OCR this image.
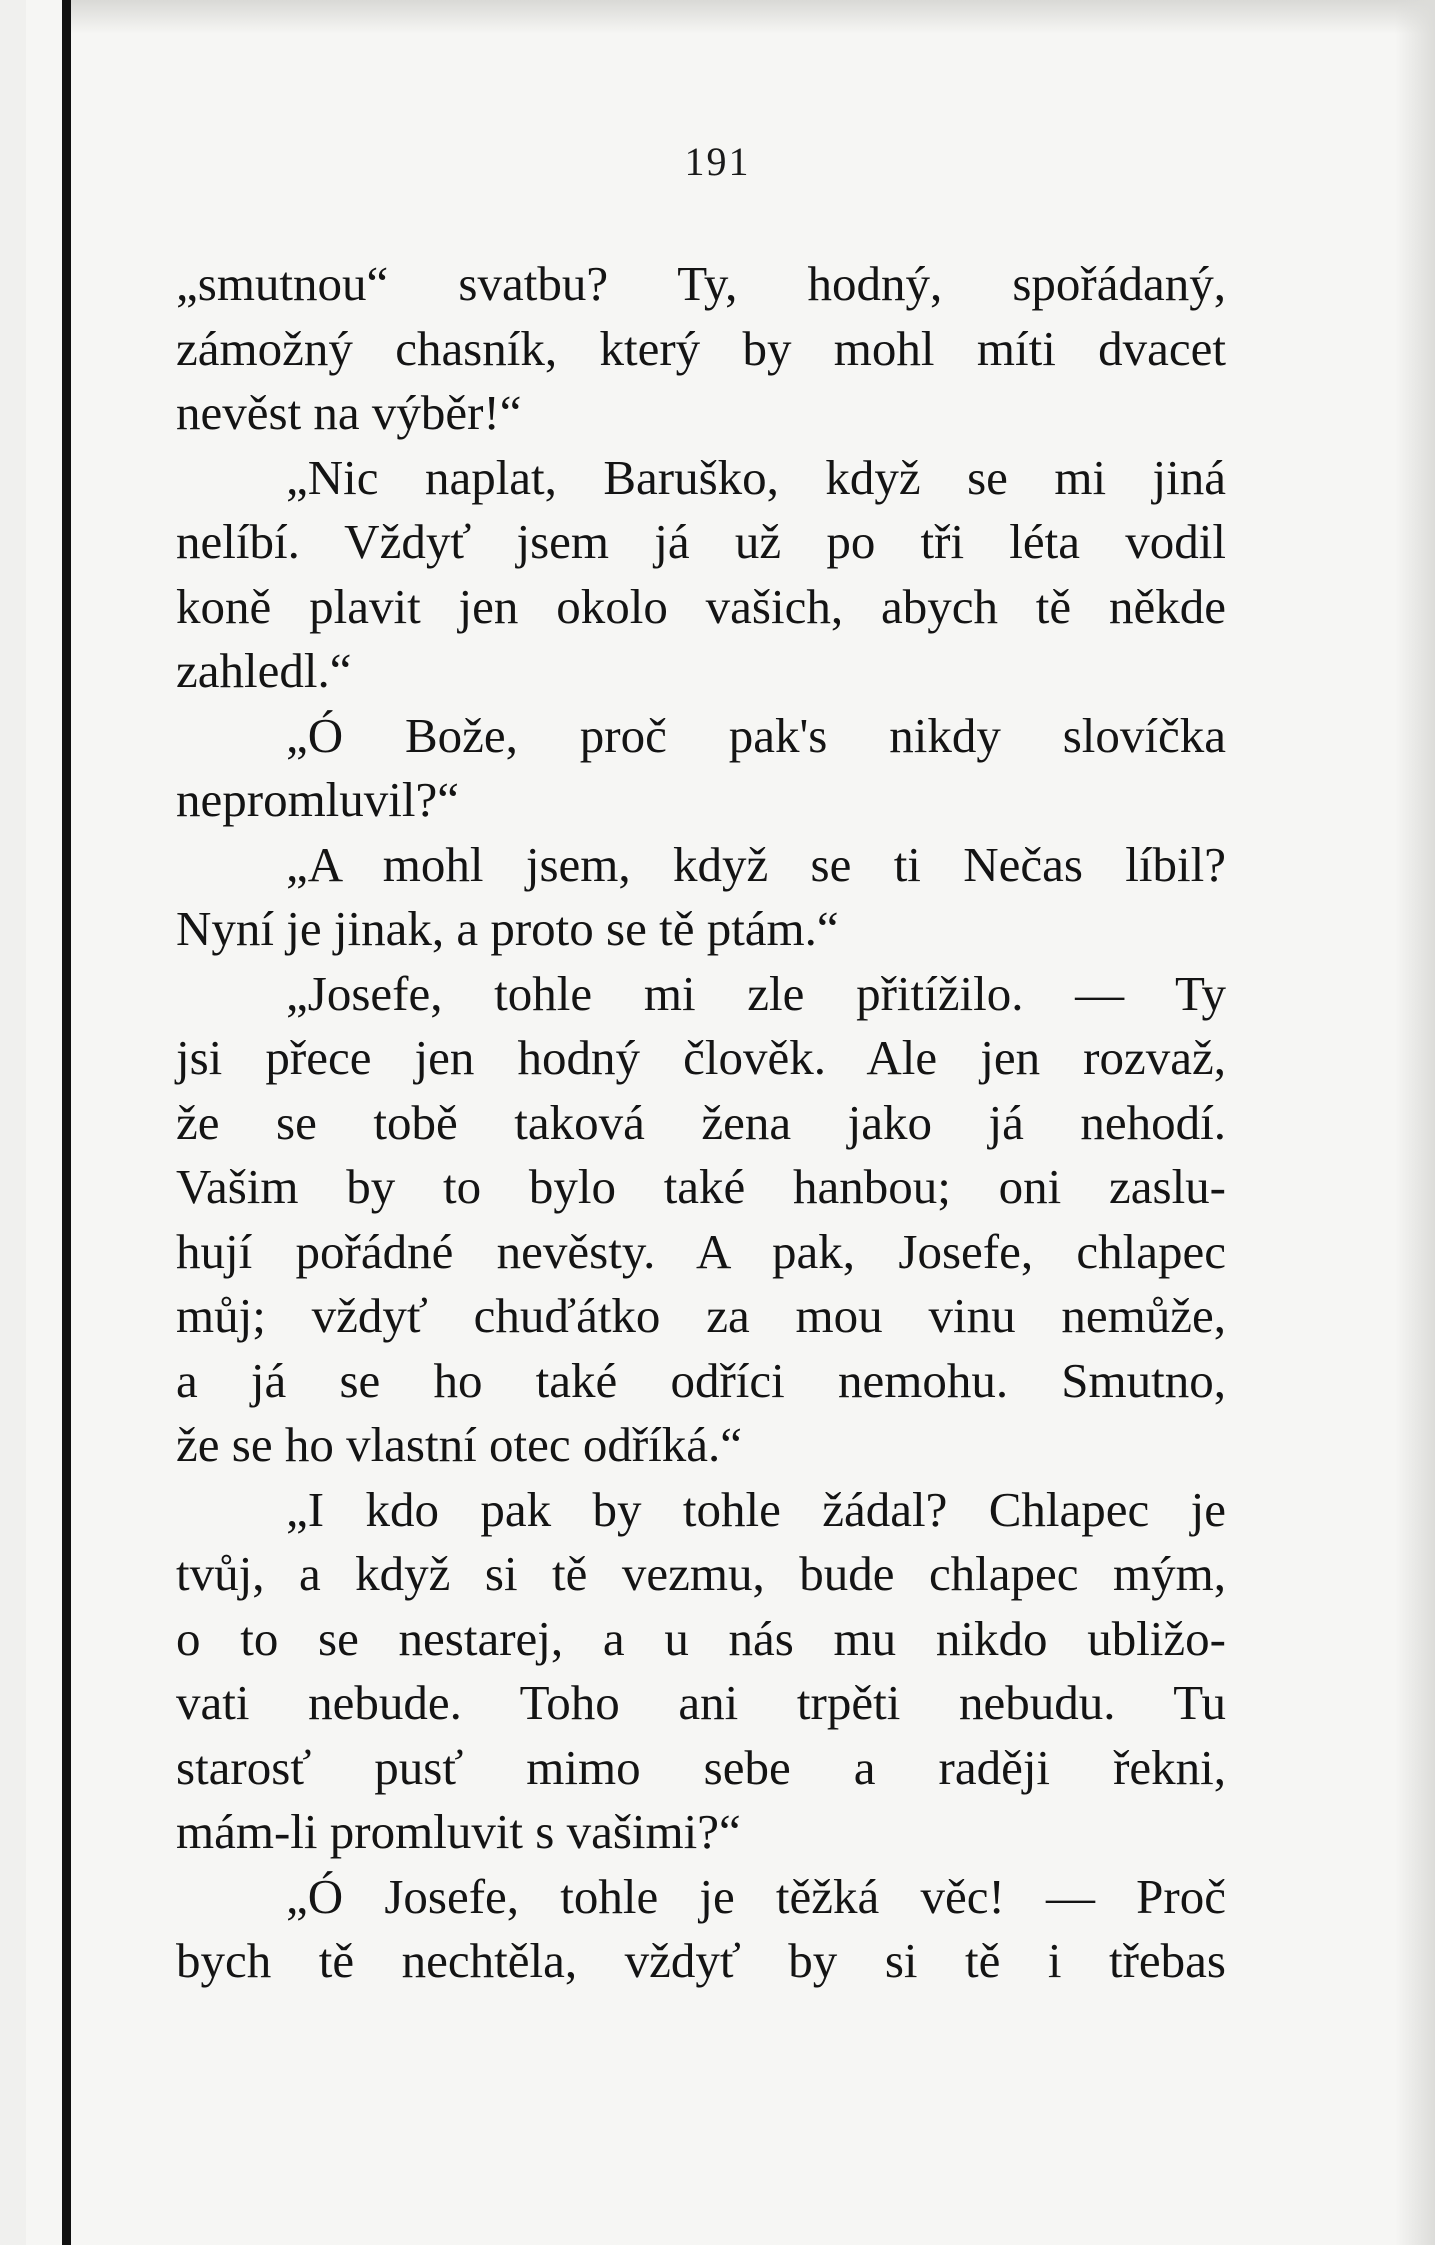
191
„smutnou“ svatbu? Ty, hodný, spořádaný,
zámožný chasník, který by mohl míti dvacet
nevěst na výběr!“
„Nic naplat, Baruško, když se mi jiná
nelíbí. Vždyť jsem já už po tři léta vodil
koně plavit jen okolo vašich, abych tě někde
zahledl.“
„Ó Bože, proč pak's nikdy slovíčka
nepromluvil?“
„A mohl jsem, když se ti Nečas líbil?
Nyní je jinak, a proto se tě ptám.“
„Josefe, tohle mi zle přitížilo. — Ty
jsi přece jen hodný člověk. Ale jen rozvaž,
že se tobě taková žena jako já nehodí.
Vašim by to bylo také hanbou; oni zaslu-
hují pořádné nevěsty. A pak, Josefe, chlapec
můj; vždyť chuďátko za mou vinu nemůže,
a já se ho také odříci nemohu. Smutno,
že se ho vlastní otec odříká.“
„I kdo pak by tohle žádal? Chlapec je
tvůj, a když si tě vezmu, bude chlapec mým,
o to se nestarej, a u nás mu nikdo ubližo-
vati nebude. Toho ani trpěti nebudu. Tu
starosť pusť mimo sebe a raději řekni,
mám-li promluvit s vašimi?“
„Ó Josefe, tohle je těžká věc! — Proč
bych tě nechtěla, vždyť by si tě i třebas
